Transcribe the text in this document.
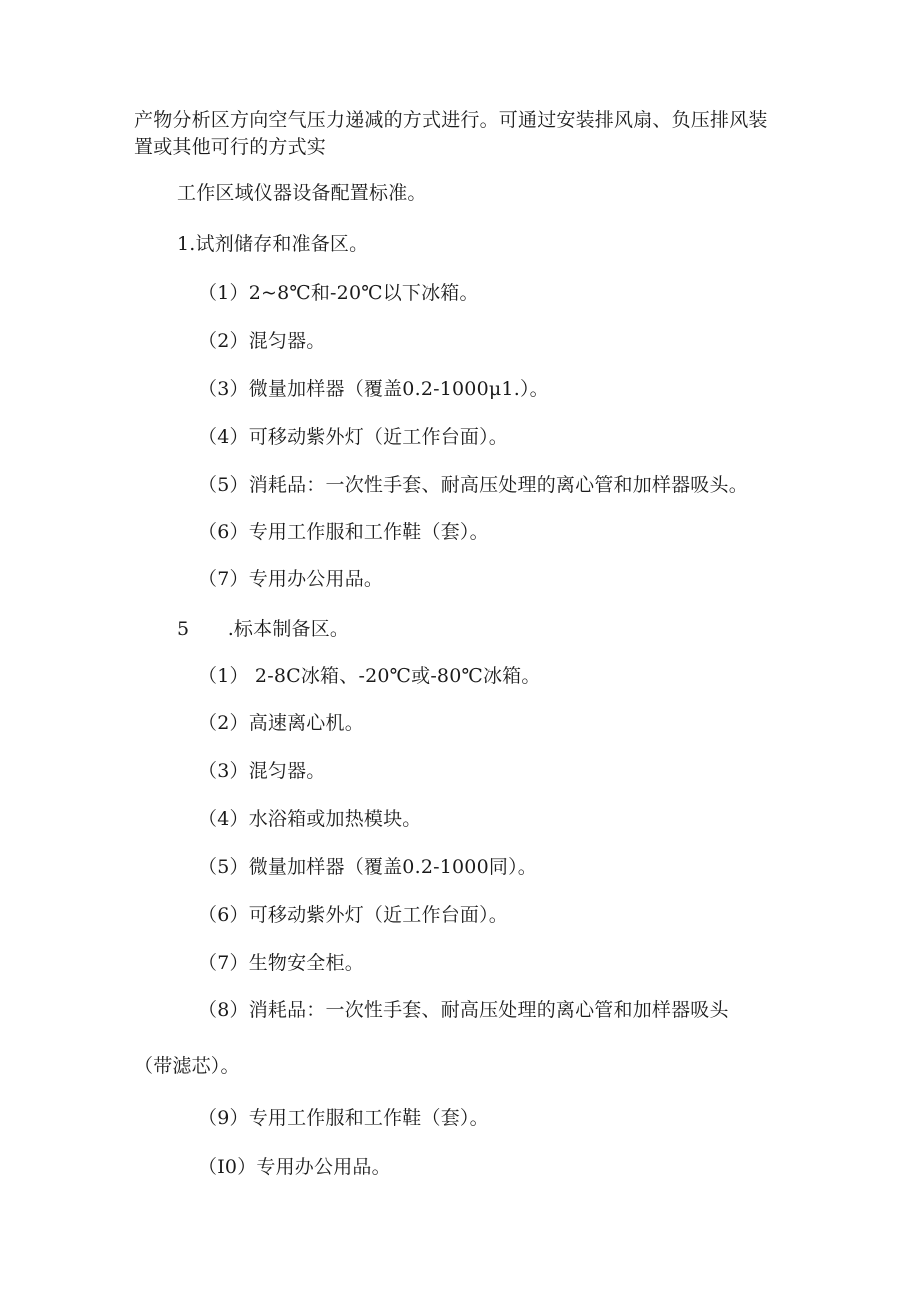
产物分析区方向空气压力递减的方式进行。可通过安装排风扇、负压排风装
置或其他可行的方式实
工作区域仪器设备配置标准。
1.试剂储存和准备区。
（1）2~8℃和-20℃以下冰箱。
（2）混匀器。
（3）微量加样器（覆盖0.2-1000μ1.）。
（4）可移动紫外灯（近工作台面）。
（5）消耗品：一次性手套、耐高压处理的离心管和加样器吸头。
（6）专用工作服和工作鞋（套）。
（7）专用办公用品。
5　　.标本制备区。
（1） 2-8C冰箱、-20℃或-80℃冰箱。
（2）高速离心机。
（3）混匀器。
（4）水浴箱或加热模块。
（5）微量加样器（覆盖0.2-1000同）。
（6）可移动紫外灯（近工作台面）。
（7）生物安全柜。
（8）消耗品：一次性手套、耐高压处理的离心管和加样器吸头
（带滤芯）。
（9）专用工作服和工作鞋（套）。
（I0）专用办公用品。
